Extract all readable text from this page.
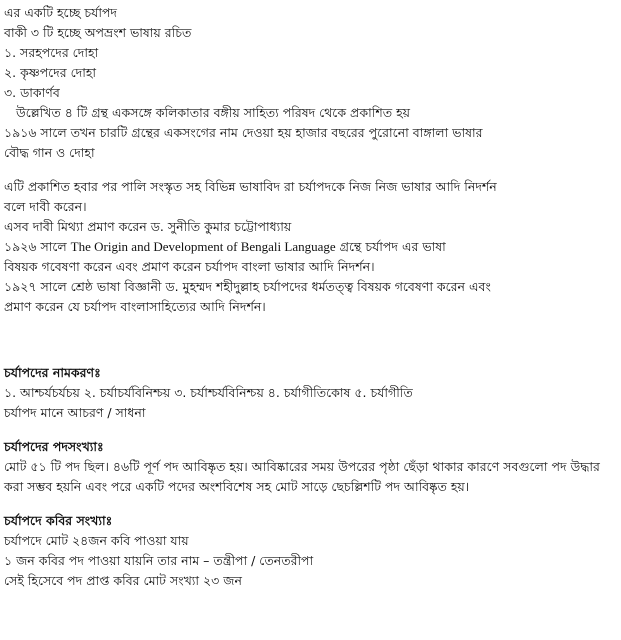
এর একটি হচ্ছে চর্যাপদ

বাকী ৩ টি হচ্ছে অপভ্রংশ ভাষায় রচিত

১. সরহপদের দোহা

২. কৃষ্ণপদের দোহা

৩. ডাকার্ণব

উল্লেখিত ৪ টি গ্রন্থ একসঙ্গে কলিকাতার বঙ্গীয় সাহিত্য পরিষদ থেকে প্রকাশিত হয়

১৯১৬ সালে তখন চারটি গ্রন্থের একসংগের নাম দেওয়া হয় হাজার বছরের পুরোনো বাঙ্গালা ভাষার

বৌদ্ধ গান ও দোহা

এটি প্রকাশিত হবার পর পালি সংস্কৃত সহ বিভিন্ন ভাষাবিদ রা চর্যাপদকে নিজ নিজ ভাষার আদি নিদর্শন

বলে দাবী করেন।

এসব দাবী মিথ্যা প্রমাণ করেন ড. সুনীতি কুমার চট্টোপাধ্যায়

১৯২৬ সালে The Origin and Development of Bengali Language গ্রন্থে চর্যাপদ এর ভাষা

বিষয়ক গবেষণা করেন এবং প্রমাণ করেন চর্যাপদ বাংলা ভাষার আদি নিদর্শন।

১৯২৭ সালে শ্রেষ্ঠ ভাষা বিজ্ঞানী ড. মুহম্মদ শহীদুল্লাহ চর্যাপদের ধর্মতত্ত্ব বিষয়ক গবেষণা করেন এবং

প্রমাণ করেন যে চর্যাপদ বাংলাসাহিত্যের আদি নিদর্শন।

চর্যাপদের নামকরণঃ

১. আশ্চর্যচর্যচয় ২. চর্যাচর্যবিনিশ্চয় ৩. চর্যাশ্চর্যবিনিশ্চয় ৪. চর্যাগীতিকোষ ৫. চর্যাগীতি

চর্যাপদ মানে আচরণ / সাধনা

চর্যাপদের পদসংখ্যাঃ

মোট ৫১ টি পদ ছিল। ৪৬টি পূর্ণ পদ আবিষ্কৃত হয়। আবিষ্কারের সময় উপরের পৃষ্ঠা ছেঁড়া থাকার কারণে সবগুলো পদ উদ্ধার করা সম্ভব হয়নি এবং পরে একটি পদের অংশবিশেষ সহ মোট সাড়ে ছেচল্লিশটি পদ আবিষ্কৃত হয়।

চর্যাপদে কবির সংখ্যাঃ

চর্যাপদে মোট ২৪জন কবি পাওয়া যায়

১ জন কবির পদ পাওয়া যায়নি তার নাম – তন্ত্রীপা / তেনতরীপা

সেই হিসেবে পদ প্রাপ্ত কবির মোট সংখ্যা ২৩ জন
